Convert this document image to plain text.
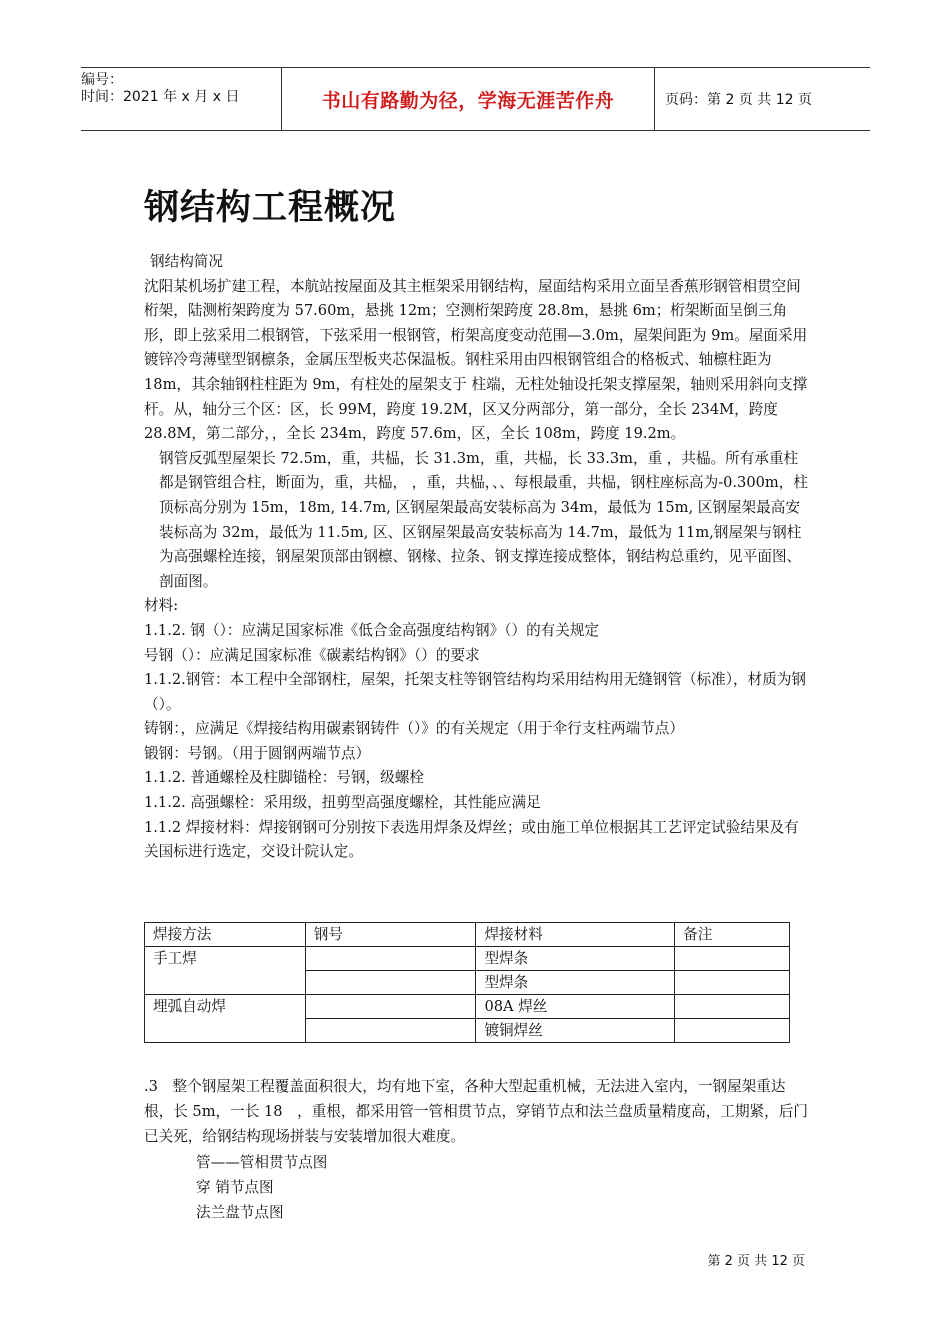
编号：
时间：2021 年 x 月 x 日	书山有路勤为径，学海无涯苦作舟	页码：第 2 页 共 12 页
钢结构工程概况

钢结构简况

沈阳某机场扩建工程，本航站按屋面及其主框架采用钢结构，屋面结构采用立面呈香蕉形钢管相贯空间桁架，陆测桁架跨度为 57.60m，悬挑 12m；空测桁架跨度 28.8m，悬挑 6m；桁架断面呈倒三角形，即上弦采用二根钢管，下弦采用一根钢管，桁架高度变动范围—3.0m，屋架间距为 9m。屋面采用镀锌冷弯薄壁型钢檩条，金属压型板夹芯保温板。钢柱采用由四根钢管组合的格板式、轴檩柱距为 18m，其余轴钢柱柱距为 9m，有柱处的屋架支于 柱端，无柱处轴设托架支撑屋架，轴则采用斜向支撑杆。从，轴分三个区：区，长 99M，跨度 19.2M，区又分两部分，第一部分，全长 234M，跨度 28.8M，第二部分，，全长 234m，跨度 57.6m，区，全长 108m，跨度 19.2m。

钢管反弧型屋架长 72.5m，重，共榀，长 31.3m，重，共榀，长 33.3m，重 ，共榀。所有承重柱都是钢管组合柱，断面为，重，共榀， ，重，共榀，、、每根最重，共榀，钢柱座标高为-0.300m，柱顶标高分别为 15m，18m, 14.7m, 区钢屋架最高安装标高为 34m，最低为 15m, 区钢屋架最高安装标高为 32m，最低为 11.5m, 区、区钢屋架最高安装标高为 14.7m，最低为 11m,钢屋架与钢柱为高强螺栓连接，钢屋架顶部由钢檩、钢椽、拉条、钢支撑连接成整体，钢结构总重约，见平面图、剖面图。

材料:

1.1.2. 钢（）：应满足国家标准《低合金高强度结构钢》（）的有关规定

号钢（）：应满足国家标准《碳素结构钢》（）的要求

1.1.2.钢管：本工程中全部钢柱，屋架，托架支柱等钢管结构均采用结构用无缝钢管（标准），材质为钢（）。

铸钢：，应满足《焊接结构用碳素钢铸件（）》的有关规定（用于伞行支柱两端节点）

锻钢：号钢。（用于圆钢两端节点）

1.1.2. 普通螺栓及柱脚锚栓：号钢，级螺栓

1.1.2. 高强螺栓：采用级，扭剪型高强度螺栓，其性能应满足

1.1.2 焊接材料：焊接钢钢可分别按下表选用焊条及焊丝；或由施工单位根据其工艺评定试验结果及有关国标进行选定，交设计院认定。

焊接方法	钢号	焊接材料	备注
手工焊		型焊条	
		型焊条	
埋弧自动焊		08A 焊丝	
		镀铜焊丝	

.3　整个钢屋架工程覆盖面积很大，均有地下室，各种大型起重机械，无法进入室内，一钢屋架重达 根，长 5m，一长 18　，重根，都采用管一管相贯节点，穿销节点和法兰盘质量精度高，工期紧，后门已关死，给钢结构现场拼装与安装增加很大难度。

管——管相贯节点图
穿 销节点图
法兰盘节点图
第 2 页 共 12 页
